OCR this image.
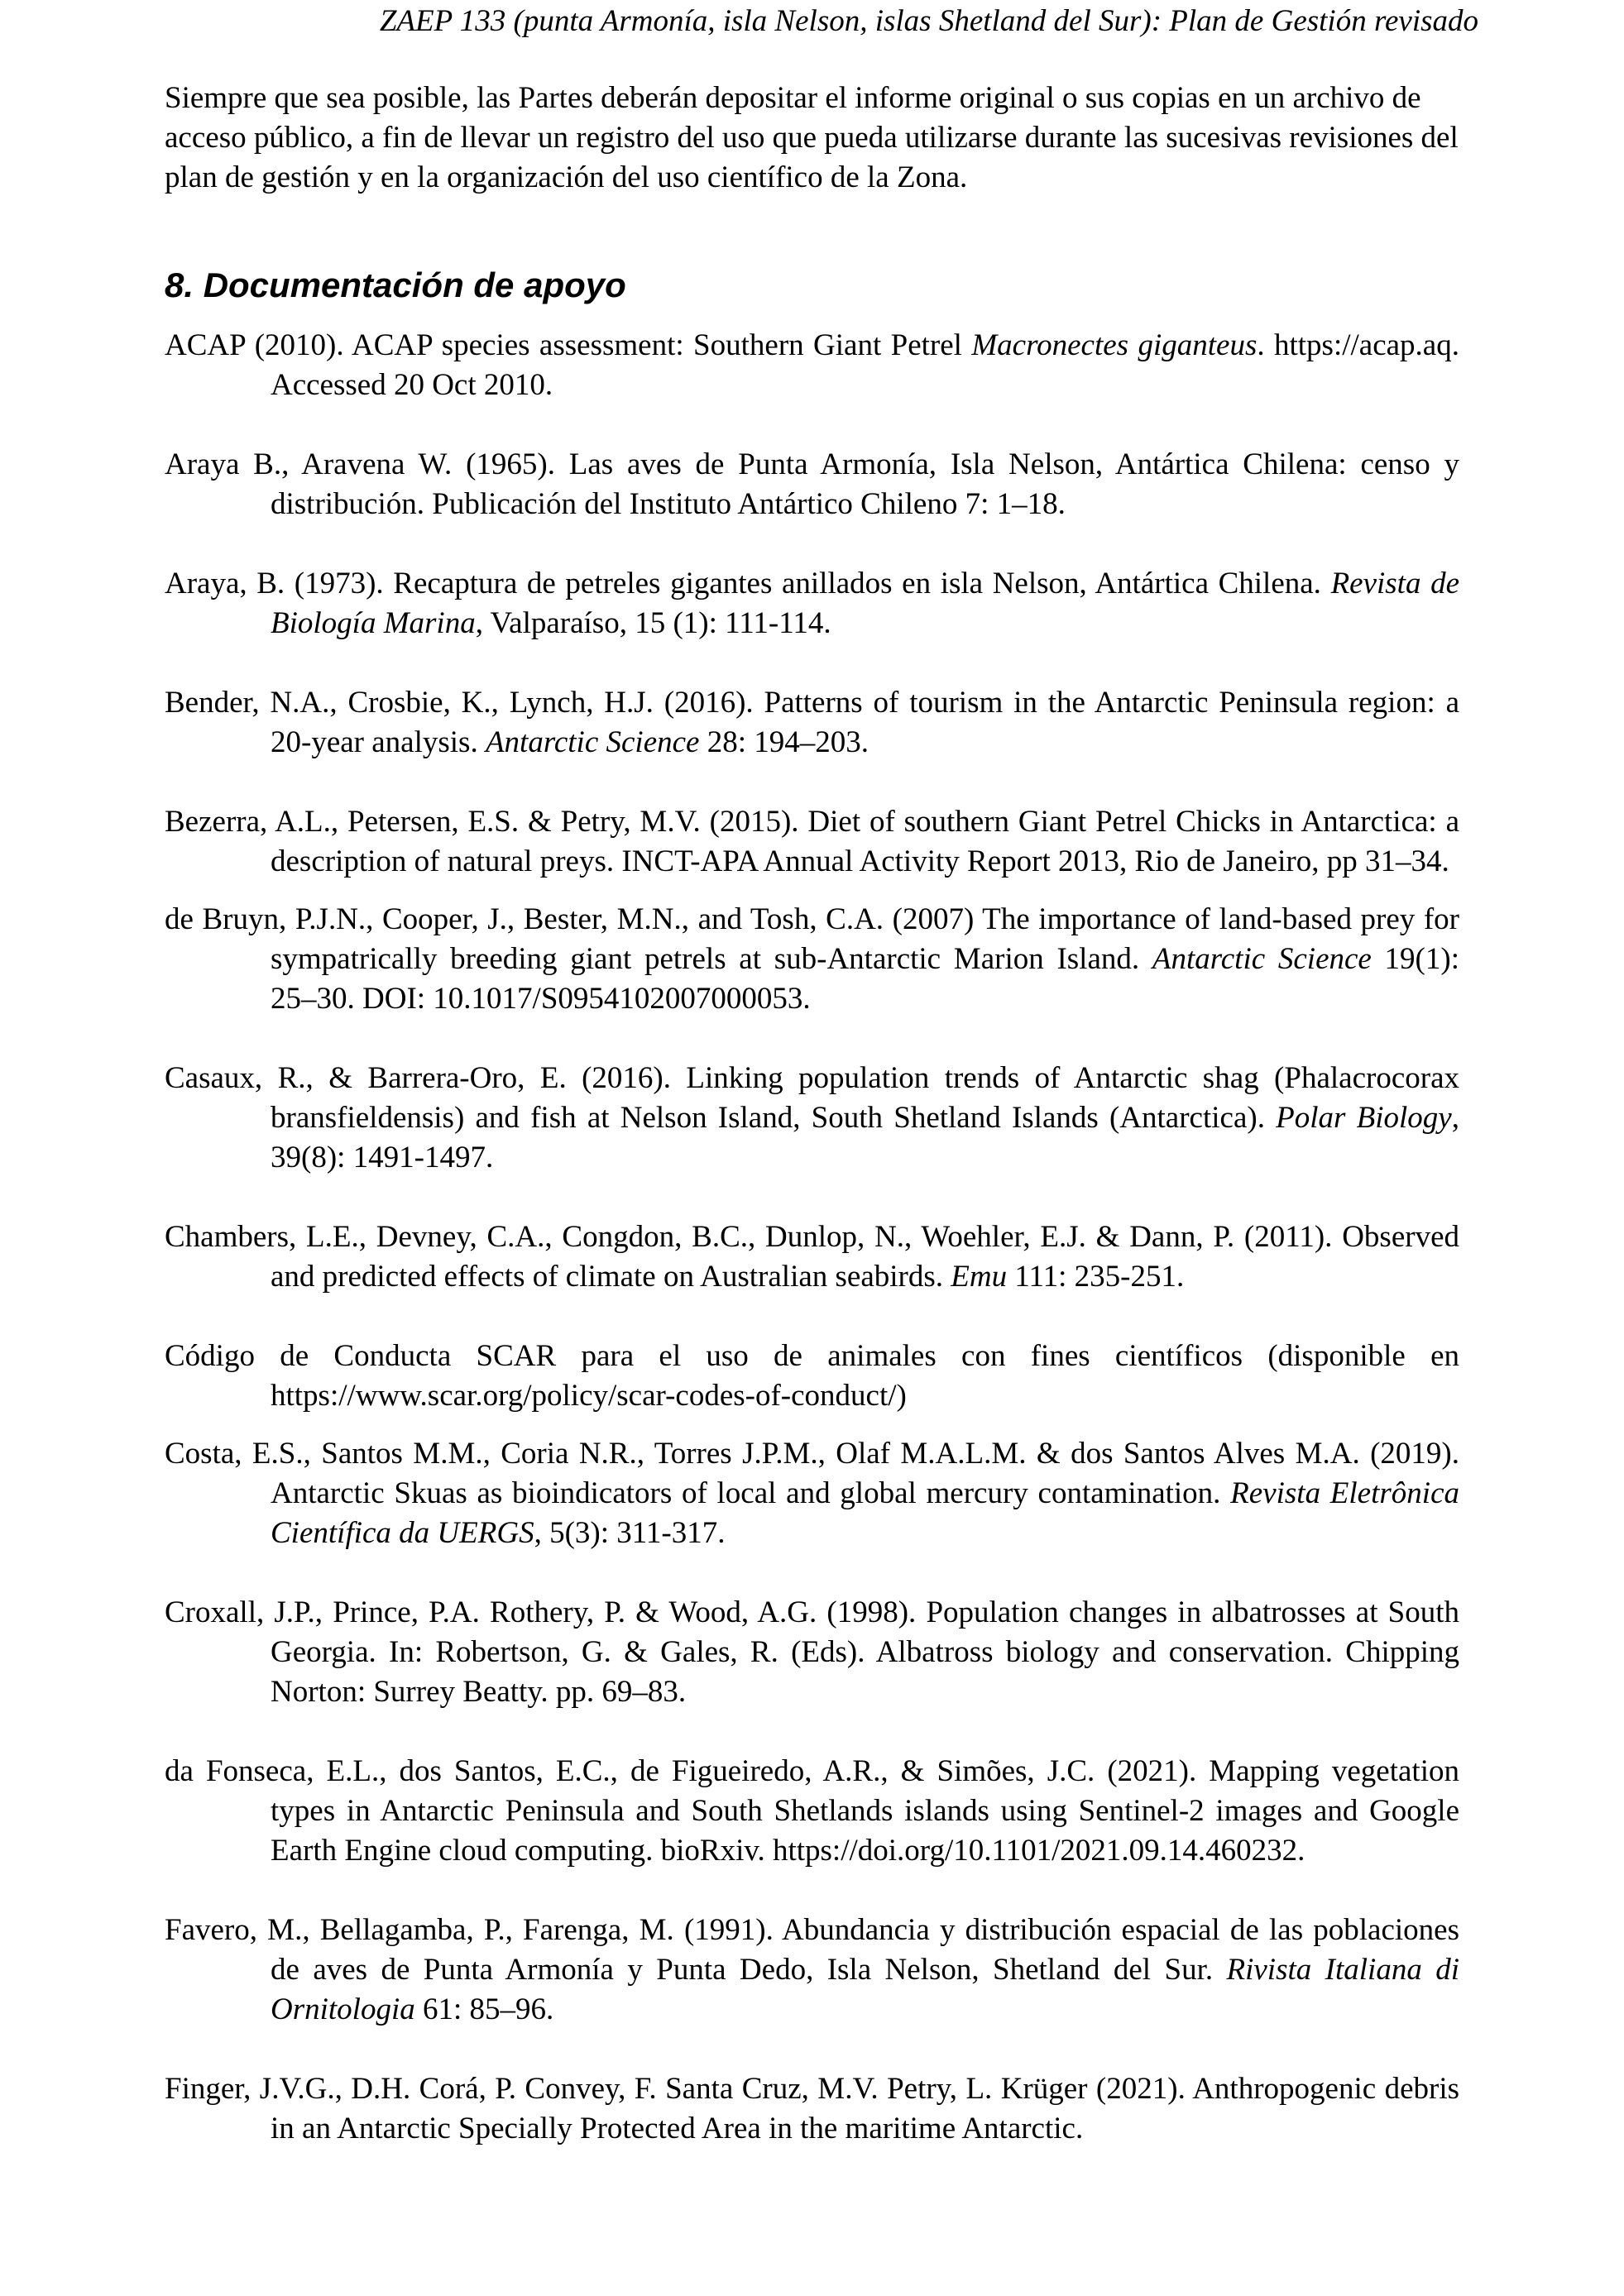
ZAEP 133 (punta Armonía, isla Nelson, islas Shetland del Sur): Plan de Gestión revisado

Siempre que sea posible, las Partes deberán depositar el informe original o sus copias en un archivo de acceso público, a fin de llevar un registro del uso que pueda utilizarse durante las sucesivas revisiones del plan de gestión y en la organización del uso científico de la Zona.

8. Documentación de apoyo

ACAP (2010). ACAP species assessment: Southern Giant Petrel Macronectes giganteus. https://acap.aq. Accessed 20 Oct 2010.

Araya B., Aravena W. (1965). Las aves de Punta Armonía, Isla Nelson, Antártica Chilena: censo y distribución. Publicación del Instituto Antártico Chileno 7: 1–18.

Araya, B. (1973). Recaptura de petreles gigantes anillados en isla Nelson, Antártica Chilena. Revista de Biología Marina, Valparaíso, 15 (1): 111-114.

Bender, N.A., Crosbie, K., Lynch, H.J. (2016). Patterns of tourism in the Antarctic Peninsula region: a 20-year analysis. Antarctic Science 28: 194–203.

Bezerra, A.L., Petersen, E.S. & Petry, M.V. (2015). Diet of southern Giant Petrel Chicks in Antarctica: a description of natural preys. INCT-APA Annual Activity Report 2013, Rio de Janeiro, pp 31–34.

de Bruyn, P.J.N., Cooper, J., Bester, M.N., and Tosh, C.A. (2007) The importance of land-based prey for sympatrically breeding giant petrels at sub-Antarctic Marion Island. Antarctic Science 19(1): 25–30. DOI: 10.1017/S0954102007000053.

Casaux, R., & Barrera-Oro, E. (2016). Linking population trends of Antarctic shag (Phalacrocorax bransfieldensis) and fish at Nelson Island, South Shetland Islands (Antarctica). Polar Biology, 39(8): 1491-1497.

Chambers, L.E., Devney, C.A., Congdon, B.C., Dunlop, N., Woehler, E.J. & Dann, P. (2011). Observed and predicted effects of climate on Australian seabirds. Emu 111: 235-251.

Código de Conducta SCAR para el uso de animales con fines científicos (disponible en https://www.scar.org/policy/scar-codes-of-conduct/)

Costa, E.S., Santos M.M., Coria N.R., Torres J.P.M., Olaf M.A.L.M. & dos Santos Alves M.A. (2019). Antarctic Skuas as bioindicators of local and global mercury contamination. Revista Eletrônica Científica da UERGS, 5(3): 311-317.

Croxall, J.P., Prince, P.A. Rothery, P. & Wood, A.G. (1998). Population changes in albatrosses at South Georgia. In: Robertson, G. & Gales, R. (Eds). Albatross biology and conservation. Chipping Norton: Surrey Beatty. pp. 69–83.

da Fonseca, E.L., dos Santos, E.C., de Figueiredo, A.R., & Simões, J.C. (2021). Mapping vegetation types in Antarctic Peninsula and South Shetlands islands using Sentinel-2 images and Google Earth Engine cloud computing. bioRxiv. https://doi.org/10.1101/2021.09.14.460232.

Favero, M., Bellagamba, P., Farenga, M. (1991). Abundancia y distribución espacial de las poblaciones de aves de Punta Armonía y Punta Dedo, Isla Nelson, Shetland del Sur. Rivista Italiana di Ornitologia 61: 85–96.

Finger, J.V.G., D.H. Corá, P. Convey, F. Santa Cruz, M.V. Petry, L. Krüger (2021). Anthropogenic debris in an Antarctic Specially Protected Area in the maritime Antarctic.
